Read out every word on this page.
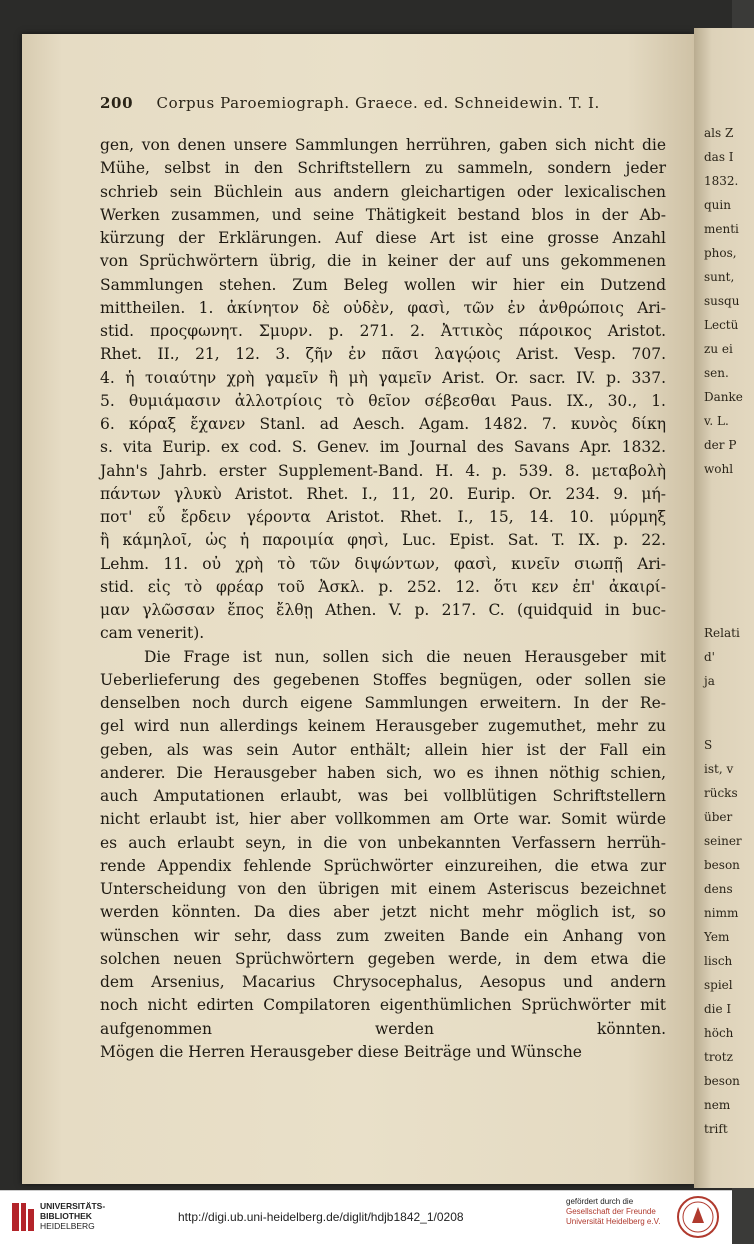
als Z
das I
1832.
quin
menti
phos,
sunt,
susqu
Lectü
zu ei
sen.
Danke
v. L.
der P
wohl
Relati
d'
ja
S
ist, v
rücks
über
seiner
beson
dens
nimm
Yem
lisch
spiel
die I
höch
trotz
beson
nem
trift
200 Corpus Paroemiograph. Graece. ed. Schneidewin. T. I.
gen, von denen unsere Sammlungen herrühren, gaben sich nicht die
Mühe, selbst in den Schriftstellern zu sammeln, sondern jeder
schrieb sein Büchlein aus andern gleichartigen oder lexicalischen
Werken zusammen, und seine Thätigkeit bestand blos in der Ab-
kürzung der Erklärungen. Auf diese Art ist eine grosse Anzahl
von Sprüchwörtern übrig, die in keiner der auf uns gekommenen
Sammlungen stehen. Zum Beleg wollen wir hier ein Dutzend
mittheilen. 1. ἀκίνητον δὲ οὐδὲν, φασὶ, τῶν ἐν ἀνθρώποις Ari-
stid. προςφωνητ. Σμυρν. p. 271. 2. Ἀττικὸς πάροικος Aristot.
Rhet. II., 21, 12. 3. ζῆν ἐν πᾶσι λαγῴοις Arist. Vesp. 707.
4. ἡ τοιαύτην χρὴ γαμεῖν ἢ μὴ γαμεῖν Arist. Or. sacr. IV. p. 337.
5. θυμιάμασιν ἀλλοτρίοις τὸ θεῖον σέβεσθαι Paus. IX., 30., 1.
6. κόραξ ἔχανεν Stanl. ad Aesch. Agam. 1482. 7. κυνὸς δίκη
s. vita Eurip. ex cod. S. Genev. im Journal des Savans Apr. 1832.
Jahn's Jahrb. erster Supplement-Band. H. 4. p. 539. 8. μεταβολὴ
πάντων γλυκὺ Aristot. Rhet. I., 11, 20. Eurip. Or. 234. 9. μή-
ποτ' εὖ ἔρδειν γέροντα Aristot. Rhet. I., 15, 14. 10. μύρμηξ
ἢ κάμηλοῖ, ὡς ἡ παροιμία φησὶ, Luc. Epist. Sat. T. IX. p. 22.
Lehm. 11. οὐ χρὴ τὸ τῶν διψώντων, φασὶ, κινεῖν σιωπῇ Ari-
stid. εἰς τὸ φρέαρ τοῦ Ἀσκλ. p. 252. 12. ὅτι κεν ἐπ' ἀκαιρί-
μαν γλῶσσαν ἔπος ἔλθῃ Athen. V. p. 217. C. (quidquid in buc-
cam venerit).
Die Frage ist nun, sollen sich die neuen Herausgeber mit
Ueberlieferung des gegebenen Stoffes begnügen, oder sollen sie
denselben noch durch eigene Sammlungen erweitern. In der Re-
gel wird nun allerdings keinem Herausgeber zugemuthet, mehr zu
geben, als was sein Autor enthält; allein hier ist der Fall ein
anderer. Die Herausgeber haben sich, wo es ihnen nöthig schien,
auch Amputationen erlaubt, was bei vollblütigen Schriftstellern
nicht erlaubt ist, hier aber vollkommen am Orte war. Somit würde
es auch erlaubt seyn, in die von unbekannten Verfassern herrüh-
rende Appendix fehlende Sprüchwörter einzureihen, die etwa zur
Unterscheidung von den übrigen mit einem Asteriscus bezeichnet
werden könnten. Da dies aber jetzt nicht mehr möglich ist, so
wünschen wir sehr, dass zum zweiten Bande ein Anhang von
solchen neuen Sprüchwörtern gegeben werde, in dem etwa die
dem Arsenius, Macarius Chrysocephalus, Aesopus und andern
noch nicht edirten Compilatoren eigenthümlichen Sprüchwörter mit
aufgenommen werden könnten.
Mögen die Herren Herausgeber diese Beiträge und Wünsche
UNIVERSITÄTS-
BIBLIOTHEK
HEIDELBERG
http://digi.ub.uni-heidelberg.de/diglit/hdjb1842_1/0208
gefördert durch die
Gesellschaft der Freunde
Universität Heidelberg e.V.
